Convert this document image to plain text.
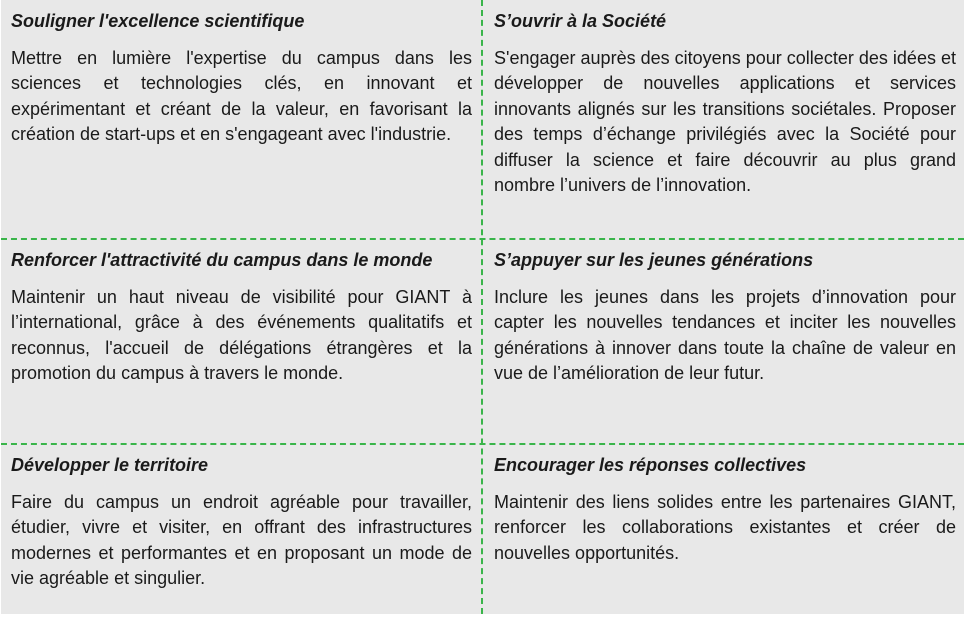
Souligner l'excellence scientifique

Mettre en lumière l'expertise du campus dans les sciences et technologies clés, en innovant et expérimentant et créant de la valeur, en favorisant la création de start-ups et en s'engageant avec l'industrie.

S’ouvrir à la Société

S'engager auprès des citoyens pour collecter des idées et développer de nouvelles applications et services innovants alignés sur les transitions sociétales. Proposer des temps d’échange privilégiés avec la Société pour diffuser la science et faire découvrir au plus grand nombre l’univers de l’innovation.

Renforcer l'attractivité du campus dans le monde

Maintenir un haut niveau de visibilité pour GIANT à l’international, grâce à des événements qualitatifs et reconnus, l'accueil de délégations étrangères et la promotion du campus à travers le monde.

S’appuyer sur les jeunes générations

Inclure les jeunes dans les projets d’innovation pour capter les nouvelles tendances et inciter les nouvelles générations à innover dans toute la chaîne de valeur en vue de l’amélioration de leur futur.

Développer le territoire

Faire du campus un endroit agréable pour travailler, étudier, vivre et visiter, en offrant des infrastructures modernes et performantes et en proposant un mode de vie agréable et singulier.

Encourager les réponses collectives

Maintenir des liens solides entre les partenaires GIANT, renforcer les collaborations existantes et créer de nouvelles opportunités.
